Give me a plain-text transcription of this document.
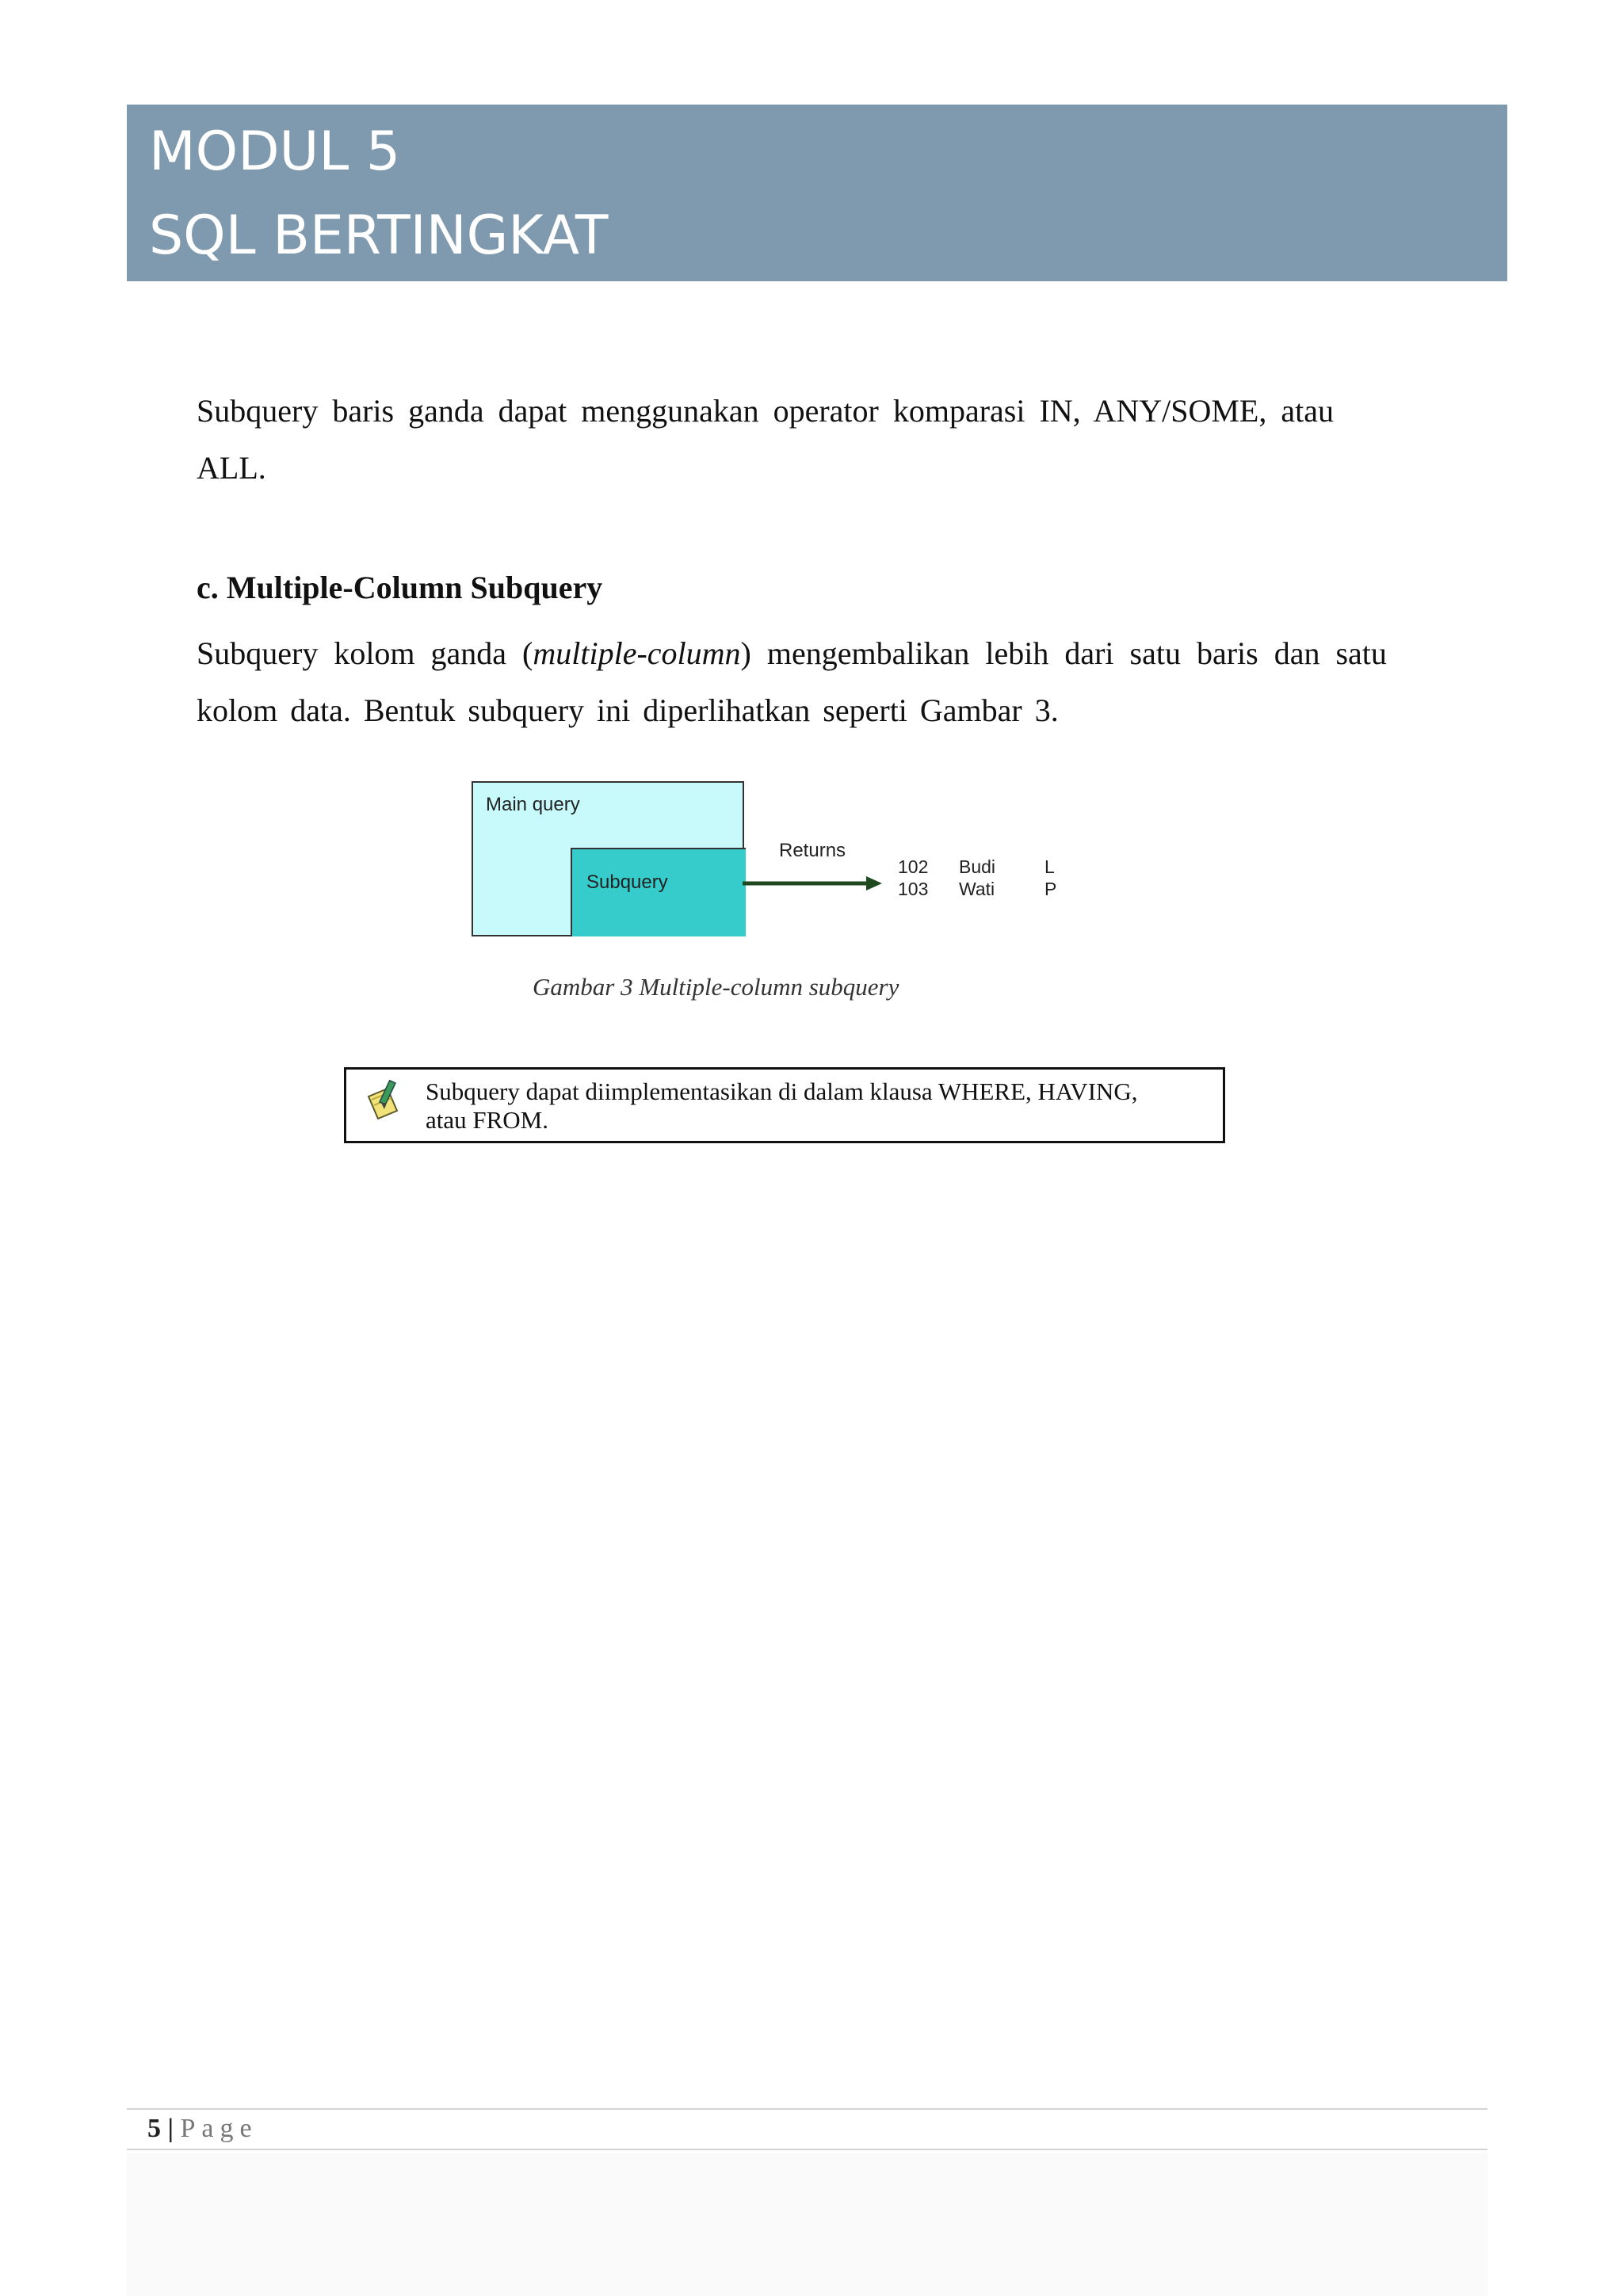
MODUL 5
SQL BERTINGKAT
Subquery baris ganda dapat menggunakan operator komparasi IN, ANY/SOME, atau
ALL.
c. Multiple-Column Subquery
Subquery kolom ganda (multiple-column) mengembalikan lebih dari satu baris dan satu
kolom data. Bentuk subquery ini diperlihatkan seperti Gambar 3.
Main query
Subquery
Returns
102 Budi	L
103 Wati	P
Gambar 3 Multiple-column subquery
Subquery dapat diimplementasikan di dalam klausa WHERE, HAVING,
atau FROM.
5 | Page
